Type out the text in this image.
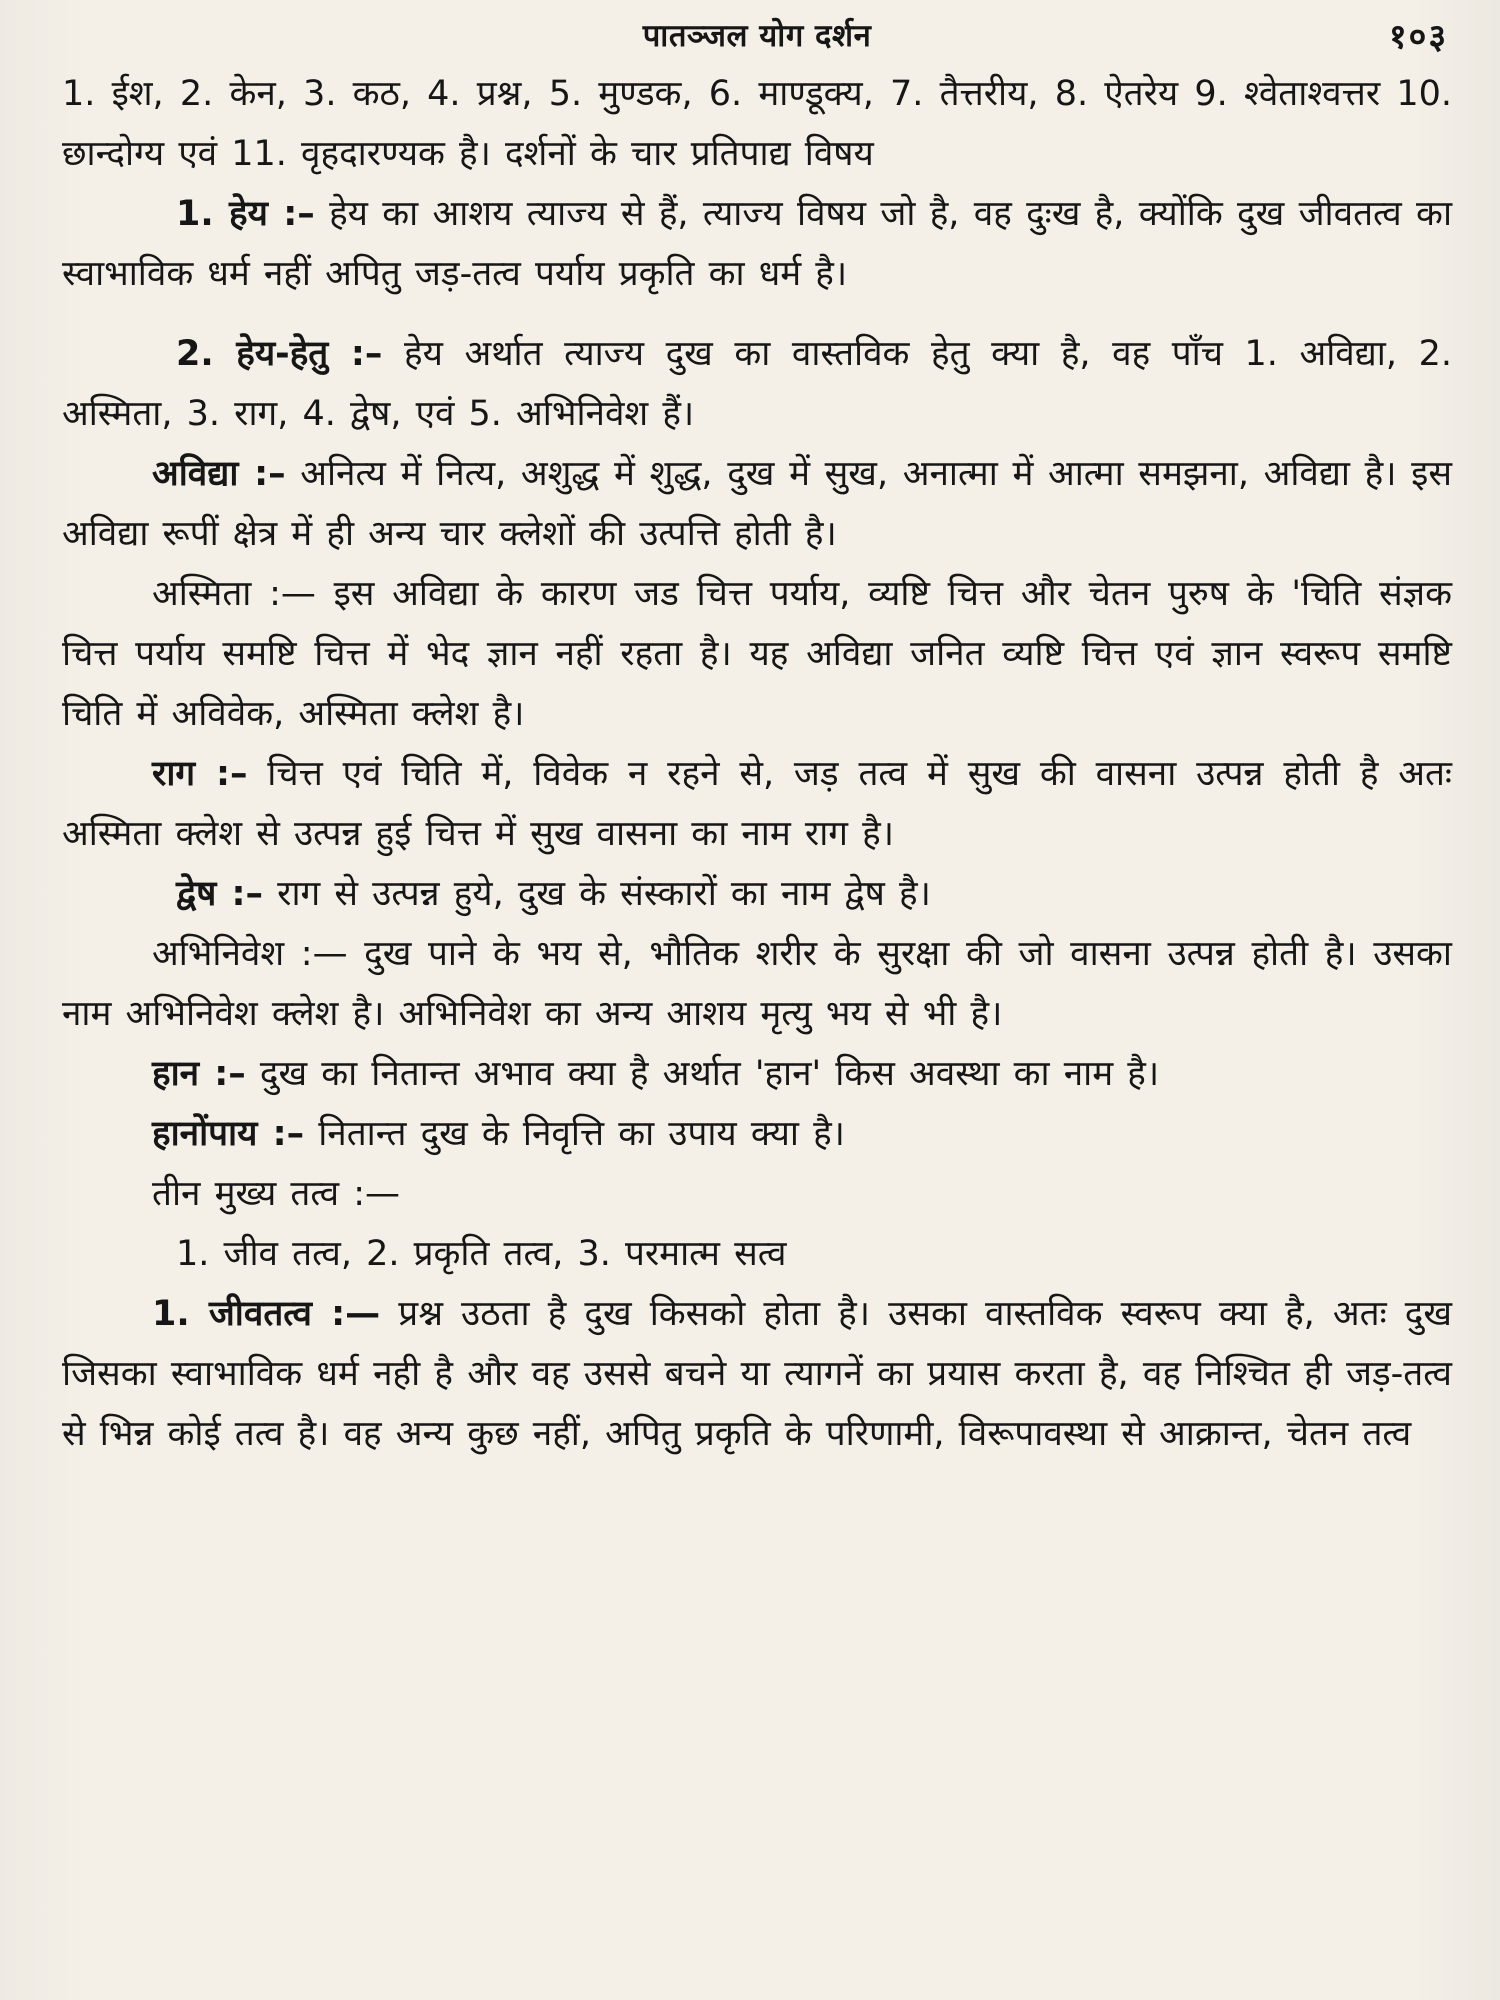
पातञ्जल योग दर्शन	१०३

1. ईश, 2. केन, 3. कठ, 4. प्रश्न, 5. मुण्डक, 6. माण्डूक्य, 7. तैत्तरीय, 8. ऐतरेय 9. श्वेताश्वत्तर 10. छान्दोग्य एवं 11. वृहदारण्यक है। दर्शनों के चार प्रतिपाद्य विषय

1. हेय :– हेय का आशय त्याज्य से हैं, त्याज्य विषय जो है, वह दुःख है, क्योंकि दुख जीवतत्व का स्वाभाविक धर्म नहीं अपितु जड़-तत्व पर्याय प्रकृति का धर्म है।

2. हेय-हेतु :– हेय अर्थात त्याज्य दुख का वास्तविक हेतु क्या है, वह पाँच 1. अविद्या, 2. अस्मिता, 3. राग, 4. द्वेष, एवं 5. अभिनिवेश हैं।

अविद्या :– अनित्य में नित्य, अशुद्ध में शुद्ध, दुख में सुख, अनात्मा में आत्मा समझना, अविद्या है। इस अविद्या रूपीं क्षेत्र में ही अन्य चार क्लेशों की उत्पत्ति होती है।

अस्मिता :— इस अविद्या के कारण जड चित्त पर्याय, व्यष्टि चित्त और चेतन पुरुष के 'चिति संज्ञक चित्त पर्याय समष्टि चित्त में भेद ज्ञान नहीं रहता है। यह अविद्या जनित व्यष्टि चित्त एवं ज्ञान स्वरूप समष्टि चिति में अविवेक, अस्मिता क्लेश है।

राग :– चित्त एवं चिति में, विवेक न रहने से, जड़ तत्व में सुख की वासना उत्पन्न होती है अतः अस्मिता क्लेश से उत्पन्न हुई चित्त में सुख वासना का नाम राग है।

द्वेष :– राग से उत्पन्न हुये, दुख के संस्कारों का नाम द्वेष है।

अभिनिवेश :— दुख पाने के भय से, भौतिक शरीर के सुरक्षा की जो वासना उत्पन्न होती है। उसका नाम अभिनिवेश क्लेश है। अभिनिवेश का अन्य आशय मृत्यु भय से भी है।

हान :– दुख का नितान्त अभाव क्या है अर्थात 'हान' किस अवस्था का नाम है।

हानोंपाय :– नितान्त दुख के निवृत्ति का उपाय क्या है।

तीन मुख्य तत्व :—

1. जीव तत्व, 2. प्रकृति तत्व, 3. परमात्म सत्व

1. जीवतत्व :— प्रश्न उठता है दुख किसको होता है। उसका वास्तविक स्वरूप क्या है, अतः दुख जिसका स्वाभाविक धर्म नही है और वह उससे बचने या त्यागनें का प्रयास करता है, वह निश्चित ही जड़-तत्व से भिन्न कोई तत्व है। वह अन्य कुछ नहीं, अपितु प्रकृति के परिणामी, विरूपावस्था से आक्रान्त, चेतन तत्व
